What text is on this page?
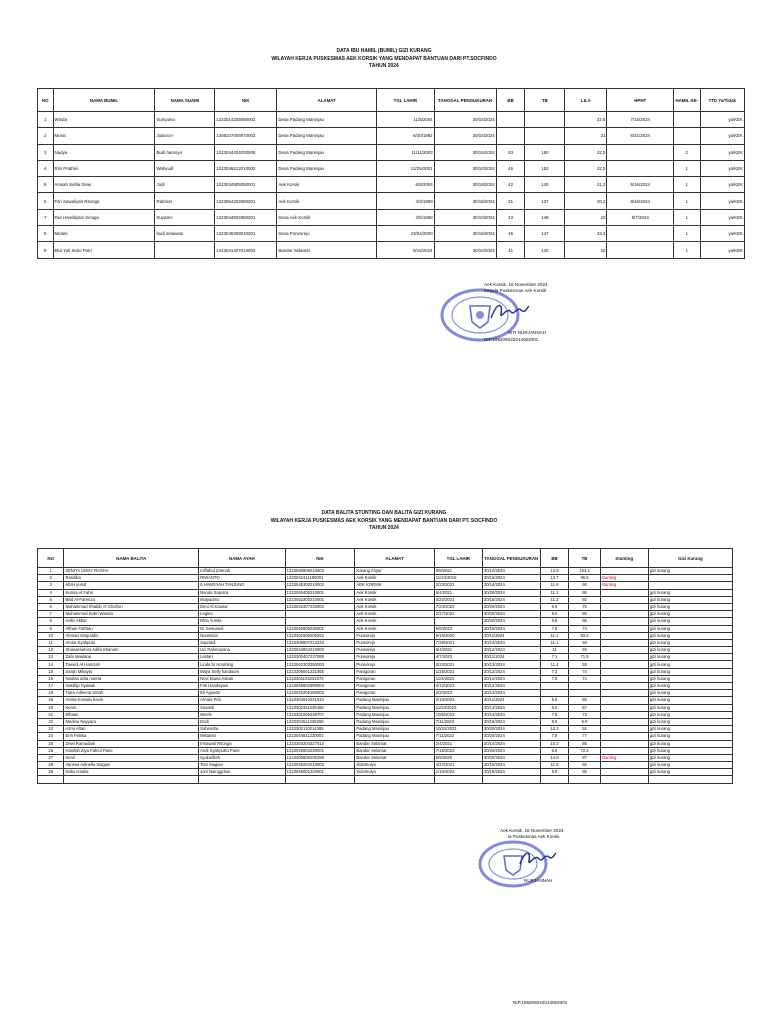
DATA IBU HAMIL (BUMIL) GIZI KURANG
WILAYAH KERJA PUSKESMAS AEK KORSIK YANG MENDAPAT BANTUAN DARI PT.SOCFINDO
TAHUN 2024
NO	NAMA BUMIL	NAMA SUAMI	NIK	ALAMAT	TGL LAHIR	TANGGAL PENGUKURAN	BB	TB	LILA	HPHT	HAMIL KE-	TTD Ya/Tidak
1	Winda	Suriyanto	1223014205090002	Desa Padang Maninjau	11/5/2004	30/15/2024			22,5	7/15/2024		ya/KEK
2	Monic	Julancer	1408107006970003	Desa Padang Maninjau	6/30/1992	30/15/2024			21	6/21/2024		ya/KEK
3	Nadya	Budi harvoyo	1223044404030005	Desa Padang Maninjau	11/11/2003	30/15/2024	53	160	22,5		2	ya/KEK
4	Rini Prathivi	Wahyudi	1223046512010002	Desa Padang Maninjau	12/25/2001	30/10/2024	46	152	22,5		1	ya/KEK
5	Anisah Selfia Dewi	Jodi	1223034905050001	Aek Korsik	6/9/2004	30/18/2024	42	145	21,2	5/16/2024	1	ya/KEK
6	Fitri Sawaliyah Ritonga	Rahmat	1223064202980001	Aek Korsik	4/3/1999	30/18/2024	31	137	20,2	8/16/2024	1	ya/KEK
7	Dwi Handayani Sinaga	Suyatno	1223044504980001	Desa Aek Korsik	4/5/1998	30/10/2024	43	148	22	8/7/2024	1	ya/KEK
8	Melani	budi setiawan	1223046308040001	Desa Purworejo	23/04/2000	30/16/2024	45	147	23,3		1	ya/KEK
9	Eka Yuli Setio Putri		1223041407010003	Bandar Selamat	9/15/2024	30/16/2024	41	140	22		1	ya/KEK
Aek Korsik, 18 November 2024
Kepala Puskesmas Aek Korsik
SITI NURJANNAH
NIP.198205022014062001
DATA BALITA STUNTING DAN BALITA GIZI KURANG
WILAYAH KERJA PUSKESMAS AEK KORSIK YANG MENDAPAT BANTUAN DARI PT. SOCFINDO
TAHUN 2024
NO	NAMA BALITA	NAMA AYAH	NIK	ALAMAT	TGL LAHIR	TANGGAL PENGUKURAN	BB	TB	Stunting	Gizi Kurang
1	ZENIYA UMAY RASHA	miftahul Zannah	1223040808210003	Karang Anyar	8/8/2021	30/10/2024	13.9	103.1		gizi kurang
2	Randika	RIWANTO	1223042411190001	Aek Korsik	11/24/2019	30/15/2024	13.7	96.5	stunting	
3	MUH yusuf	ILHAMSYAH TANJUNG	1223045302210002	AEK KORSIK	2/23/2021	30/14/2024	11.9	90	stunting	
4	Kurnia Al Fahri	Nanda Saputra	1223040406210001	Aek Korsik	6/4/2021	30/20/2024	11.2	90		gizi kurang
5	Bilal Al-Farenza	Mulyadmo	1223042203210001	Aek Korsik	3/22/2021	30/15/2024	11.2	92		gizi kurang
6	Muhammad Khabib Al Ghufron	Deni Al Kausar	1223042407230002	Aek Korsik	7/24/2023	30/20/2024	6.9	75		gizi kurang
7	Muhammad Kebri Wanda	Legino		Aek Korsik	2/27/2022	30/20/2024	9.5	85		gizi kurang
8	Hafiz Akbar	Rina Yunita		Aek Korsik		30/20/2024	9.8	95		gizi kurang
9	Althan Fathtan	M. Sesuandi	1223040605230001	Aek Korsik	5/6/2023	30/18/2024	7.5	74		gizi kurang
10	Ahmad Sirajuddin	Nurwinda	1223301809205252	Purworejo	9/18/2020	30/11/2024	11.1	93.4		gizi kurang
11	Amira Syahputri	Supriadi	1223306807213333	Purworejo	7/28/2021	30/12/2024	11.1	94		gizi kurang
12	Shanaimahira Adifa Shanum	Uci Rahmayana	1223044904210000	Purworejo	9/4/2021	30/12/2024	11	93		gizi kurang
13	Zafa Maulana	Lestari	1223300407237085	Purworejo	4/7/2023	30/11/2024	7.1	71.5		gizi kurang
14	Taweril Al Hamzah	Linda br Hombing	1223042303250000	Purworejo	3/23/2021	30/13/2024	11.4	93		gizi kurang
15	Sarah Mikayla	Maya Selly handsum	1223306501231465	Panigoran	1/25/2023	30/12/2024	7.3	74		gizi kurang
16	Naufan arka noerta	Novi Diana Asbuti	1223301104231872	Panigoran	11/4/2023	30/12/2024	7.8	74		gizi kurang
17	Nasthip Syawali	Fitri Handayani	1223046802990004	Panigoran	4/12/2023	30/12/2024				gizi kurang
18	Tiara Adleena Sinalt	Eli Aguattn	1223042205180003	Panigoran	2/2/2023	30/12/2024				gizi kurang
19	Arnita Komala hanin	Arnata Pcb	1223304910231910	Padang Maninjau	2/10/2023	30/11/2024	5.6	65		gizi kurang
20	Kenzi	Susanti	1223302311235466	Padang Maninjau	11/23/2023	30/13/2024	6.5	67		gizi kurang
21	Elfatan	Weeln	1223301006239707	Padang Maninjau	10/6/2023	30/13/2024	7.5	73		gizi kurang
22	Medina Nayyara	Dodi	1223304511236258	Padang Maninjau	7/11/2023	30/19/2024	8.0	5.9		gizi kurang
23	Azmi Aftari	Suhendra	1223302110214385	Padang Maninjau	10/21/2021	30/20/2024	10.3	91		gizi kurang
24	Erin Feliisa	Mistanto	1223044511220001	Padang Maninjau	7/11/2022	30/20/2024	7.8	77		gizi kurang
25	Dewi Ramadani	Irmawati Ritonga	1223304204227513	Bandar Selamat	2/4/2021	30/14/2024	10.2	88		gizi kurang
26	Hanifah Ziya Fakrul Pane	Andi Syahputra Pane	1223045603230001	Bandar Selamat	7/16/2023	30/20/2024	6.8	72.2		gizi kurang
27	Kenil	syukurillah	1223300608206258	Bandar Selamat	6/8/2020	30/20/2024	14.8	97	stunting	gizi kurang
28	Vanesa Adinella Siagian	Toni Siagian	1223046204210003	Sidomulyo	4/22/2021	30/15/2024	11.5	92		gizi kurang
29	Kalia Amelia	Joni Nainggolan	1223045001220001	Sidomulyo	1/10/2022	30/15/2024	9.8	95		gizi kurang

Aek Korsik, 18 November 2024
la Puskesmas Aek Korsik
NURJANNAH
NIP.198205022014062001
